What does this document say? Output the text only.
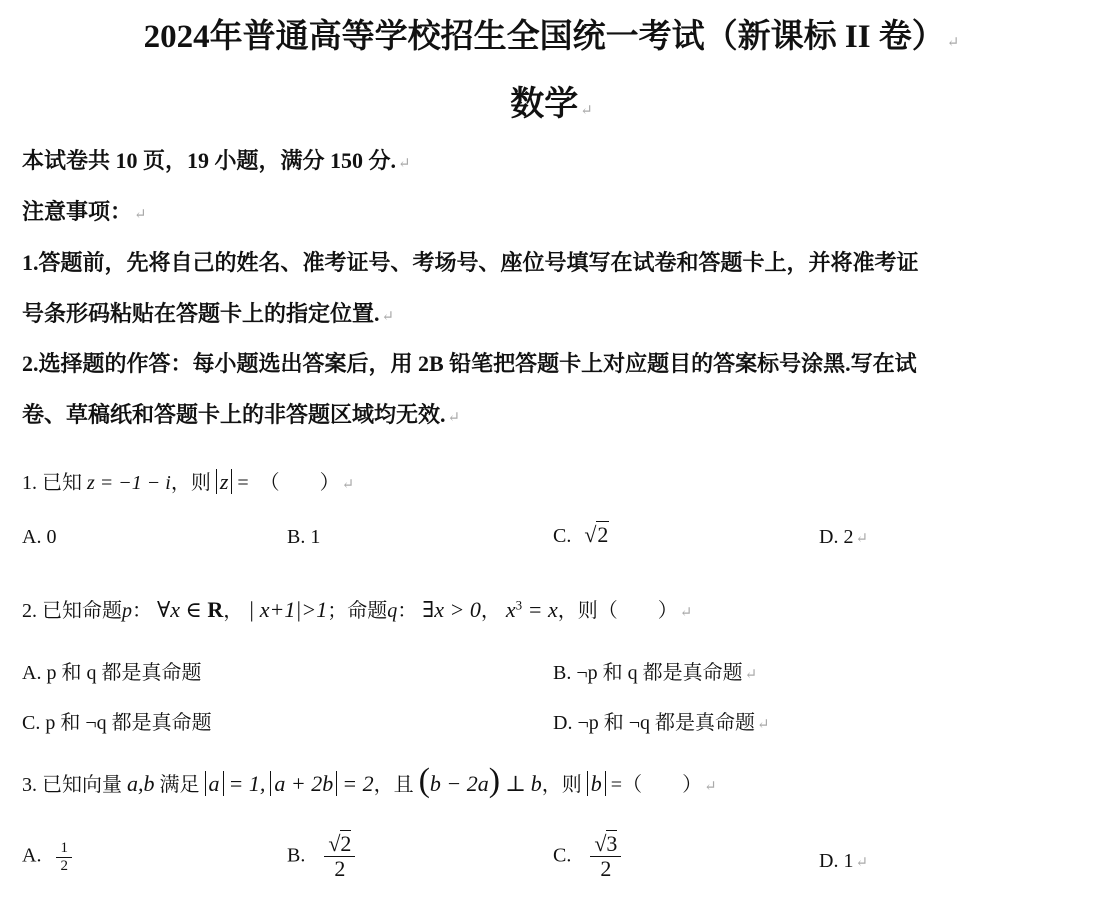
2024年普通高等学校招生全国统一考试（新课标 II 卷） ↵
数学 ↵
本试卷共 10 页，19 小题，满分 150 分. ↵
注意事项： ↵
1.答题前，先将自己的姓名、准考证号、考场号、座位号填写在试卷和答题卡上，并将准考证
号条形码粘贴在答题卡上的指定位置. ↵
2.选择题的作答：每小题选出答案后，用 2B 铅笔把答题卡上对应题目的答案标号涂黑.写在试
卷、草稿纸和答题卡上的非答题区域均无效. ↵
1. 已知 z = −1 − i，则 z = （　　） ↵
A. 0	B. 1	C. √2	D. 2 ↵
2. 已知命题p： ∀x ∈ R， | x+1|>1；命题q： ∃x > 0， $x^3 = x$，则（　　） ↵
A. p 和 q 都是真命题	B. ¬p 和 q 都是真命题 ↵
C. p 和 ¬q 都是真命题	D. ¬p 和 ¬q 都是真命题 ↵
3. 已知向量 a,b 满足 a = 1, a + 2b = 2，且 (b − 2a) ⊥ b，则 b =（　　） ↵
A. $\frac{1}{2}$	B. $\frac{√2}{2}$	C. $\frac{√3}{2}$	D. 1 ↵
